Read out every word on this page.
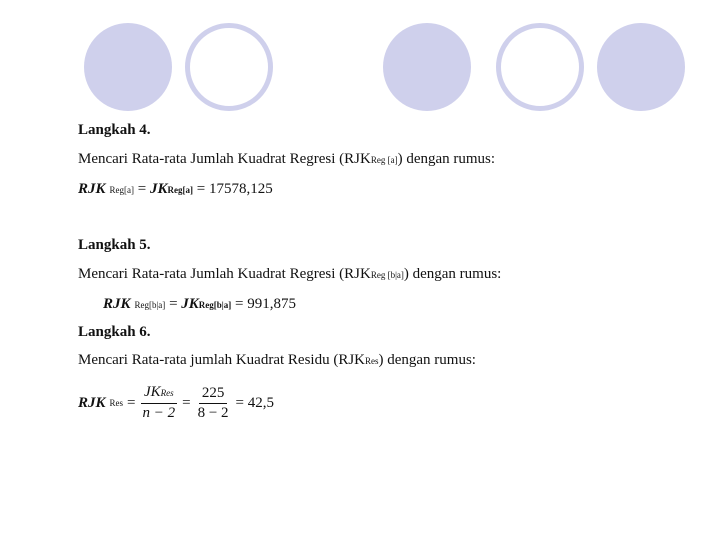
Langkah 4.
Mencari Rata-rata Jumlah Kuadrat Regresi (RJKReg [a]) dengan rumus:
RJK Reg[a] = JKReg[a] = 17578,125
Langkah 5.
Mencari Rata-rata Jumlah Kuadrat Regresi (RJKReg [b|a]) dengan rumus:
RJK Reg[b|a] = JKReg[b|a] = 991,875
Langkah 6.
Mencari Rata-rata jumlah Kuadrat Residu (RJKRes) dengan rumus:
RJK Res = $\frac{\text{JKRes}}{n - 2} = \frac{225}{8 - 2} = 42,5$
